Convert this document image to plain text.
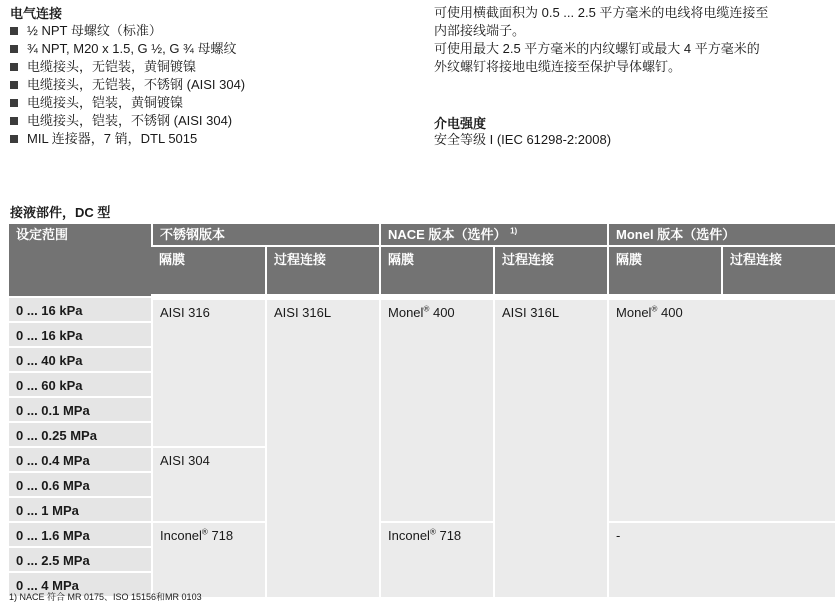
电气连接
½ NPT 母螺纹（标准）
¾ NPT, M20 x 1.5, G ½, G ¾ 母螺纹
电缆接头，无铠装，黄铜镀镍
电缆接头，无铠装，不锈钢 (AISI 304)
电缆接头，铠装，黄铜镀镍
电缆接头，铠装，不锈钢 (AISI 304)
MIL 连接器，7 销，DTL 5015
可使用横截面积为 0.5 ... 2.5 平方毫米的电线将电缆连接至
内部接线端子。
可使用最大 2.5 平方毫米的内纹螺钉或最大 4 平方毫米的
外纹螺钉将接地电缆连接至保护导体螺钉。
介电强度
安全等级 I (IEC 61298-2:2008)
接液部件，DC 型
设定范围	不锈钢版本		NACE 版本（选件） $^{1)}$		Monel 版本（选件）	
	隔膜	过程连接	隔膜	过程连接	隔膜	过程连接
0 ... 16 kPa	AISI 316	AISI 316L	Monel® 400	AISI 316L	Monel® 400	
0 ... 16 kPa						
0 ... 40 kPa						
0 ... 60 kPa						
0 ... 0.1 MPa						
0 ... 0.25 MPa						
0 ... 0.4 MPa	AISI 304					
0 ... 0.6 MPa						
0 ... 1 MPa						
0 ... 1.6 MPa	Inconel® 718		Inconel® 718		-	
0 ... 2.5 MPa						
0 ... 4 MPa						
1) NACE 符合 MR 0175、ISO 15156和MR 0103
